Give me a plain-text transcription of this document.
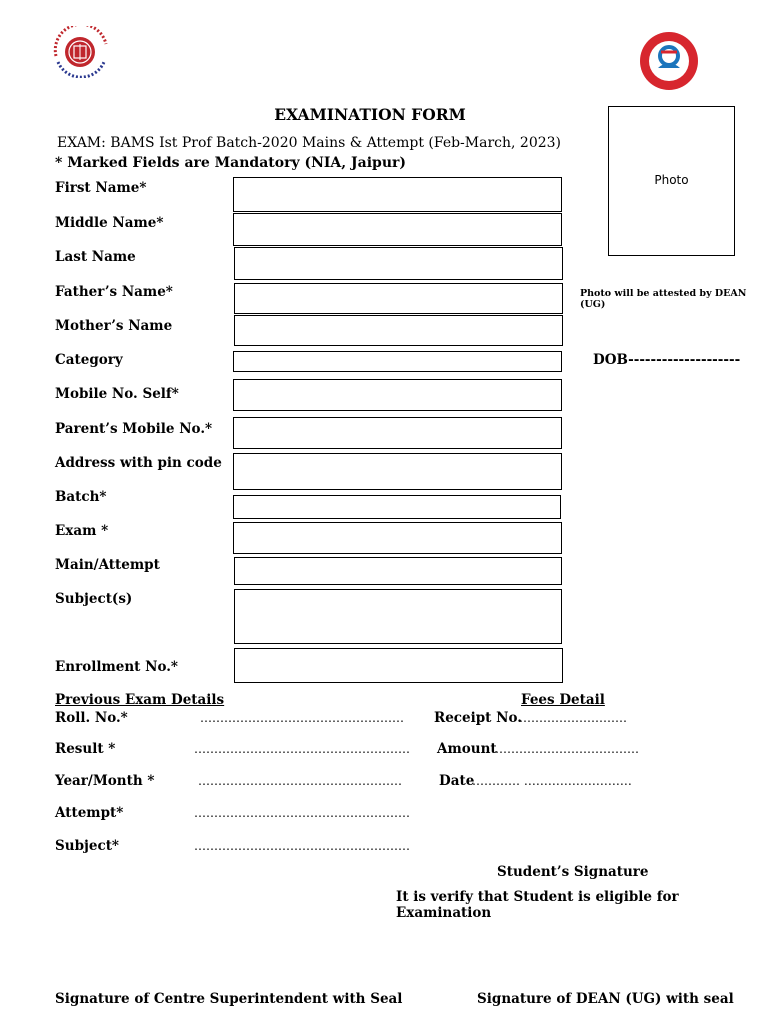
EXAMINATION FORM
EXAM: BAMS Ist Prof Batch-2020 Mains & Attempt (Feb-March, 2023)
* Marked Fields are Mandatory (NIA, Jaipur)
Photo
Photo will be attested by DEAN (UG)
DOB--------------------
First Name*
Middle Name*
Last Name
Father’s Name*
Mother’s Name
Category
Mobile No. Self*
Parent’s Mobile No.*
Address with pin code
Batch*
Exam *
Main/Attempt
Subject(s)
Enrollment No.*
Previous Exam Details	Fees Detail
Roll. No.*	……………………………………………
Result *	………………………………………………
Year/Month *	……………………………………………
Attempt*	………………………………………………
Subject*	………………………………………………
Receipt No.
………………………
Amount
………………………………
Date
………… ………………………
Student’s Signature
It is verify that Student is eligible for Examination
Signature of Centre Superintendent with Seal	Signature of DEAN (UG) with seal
